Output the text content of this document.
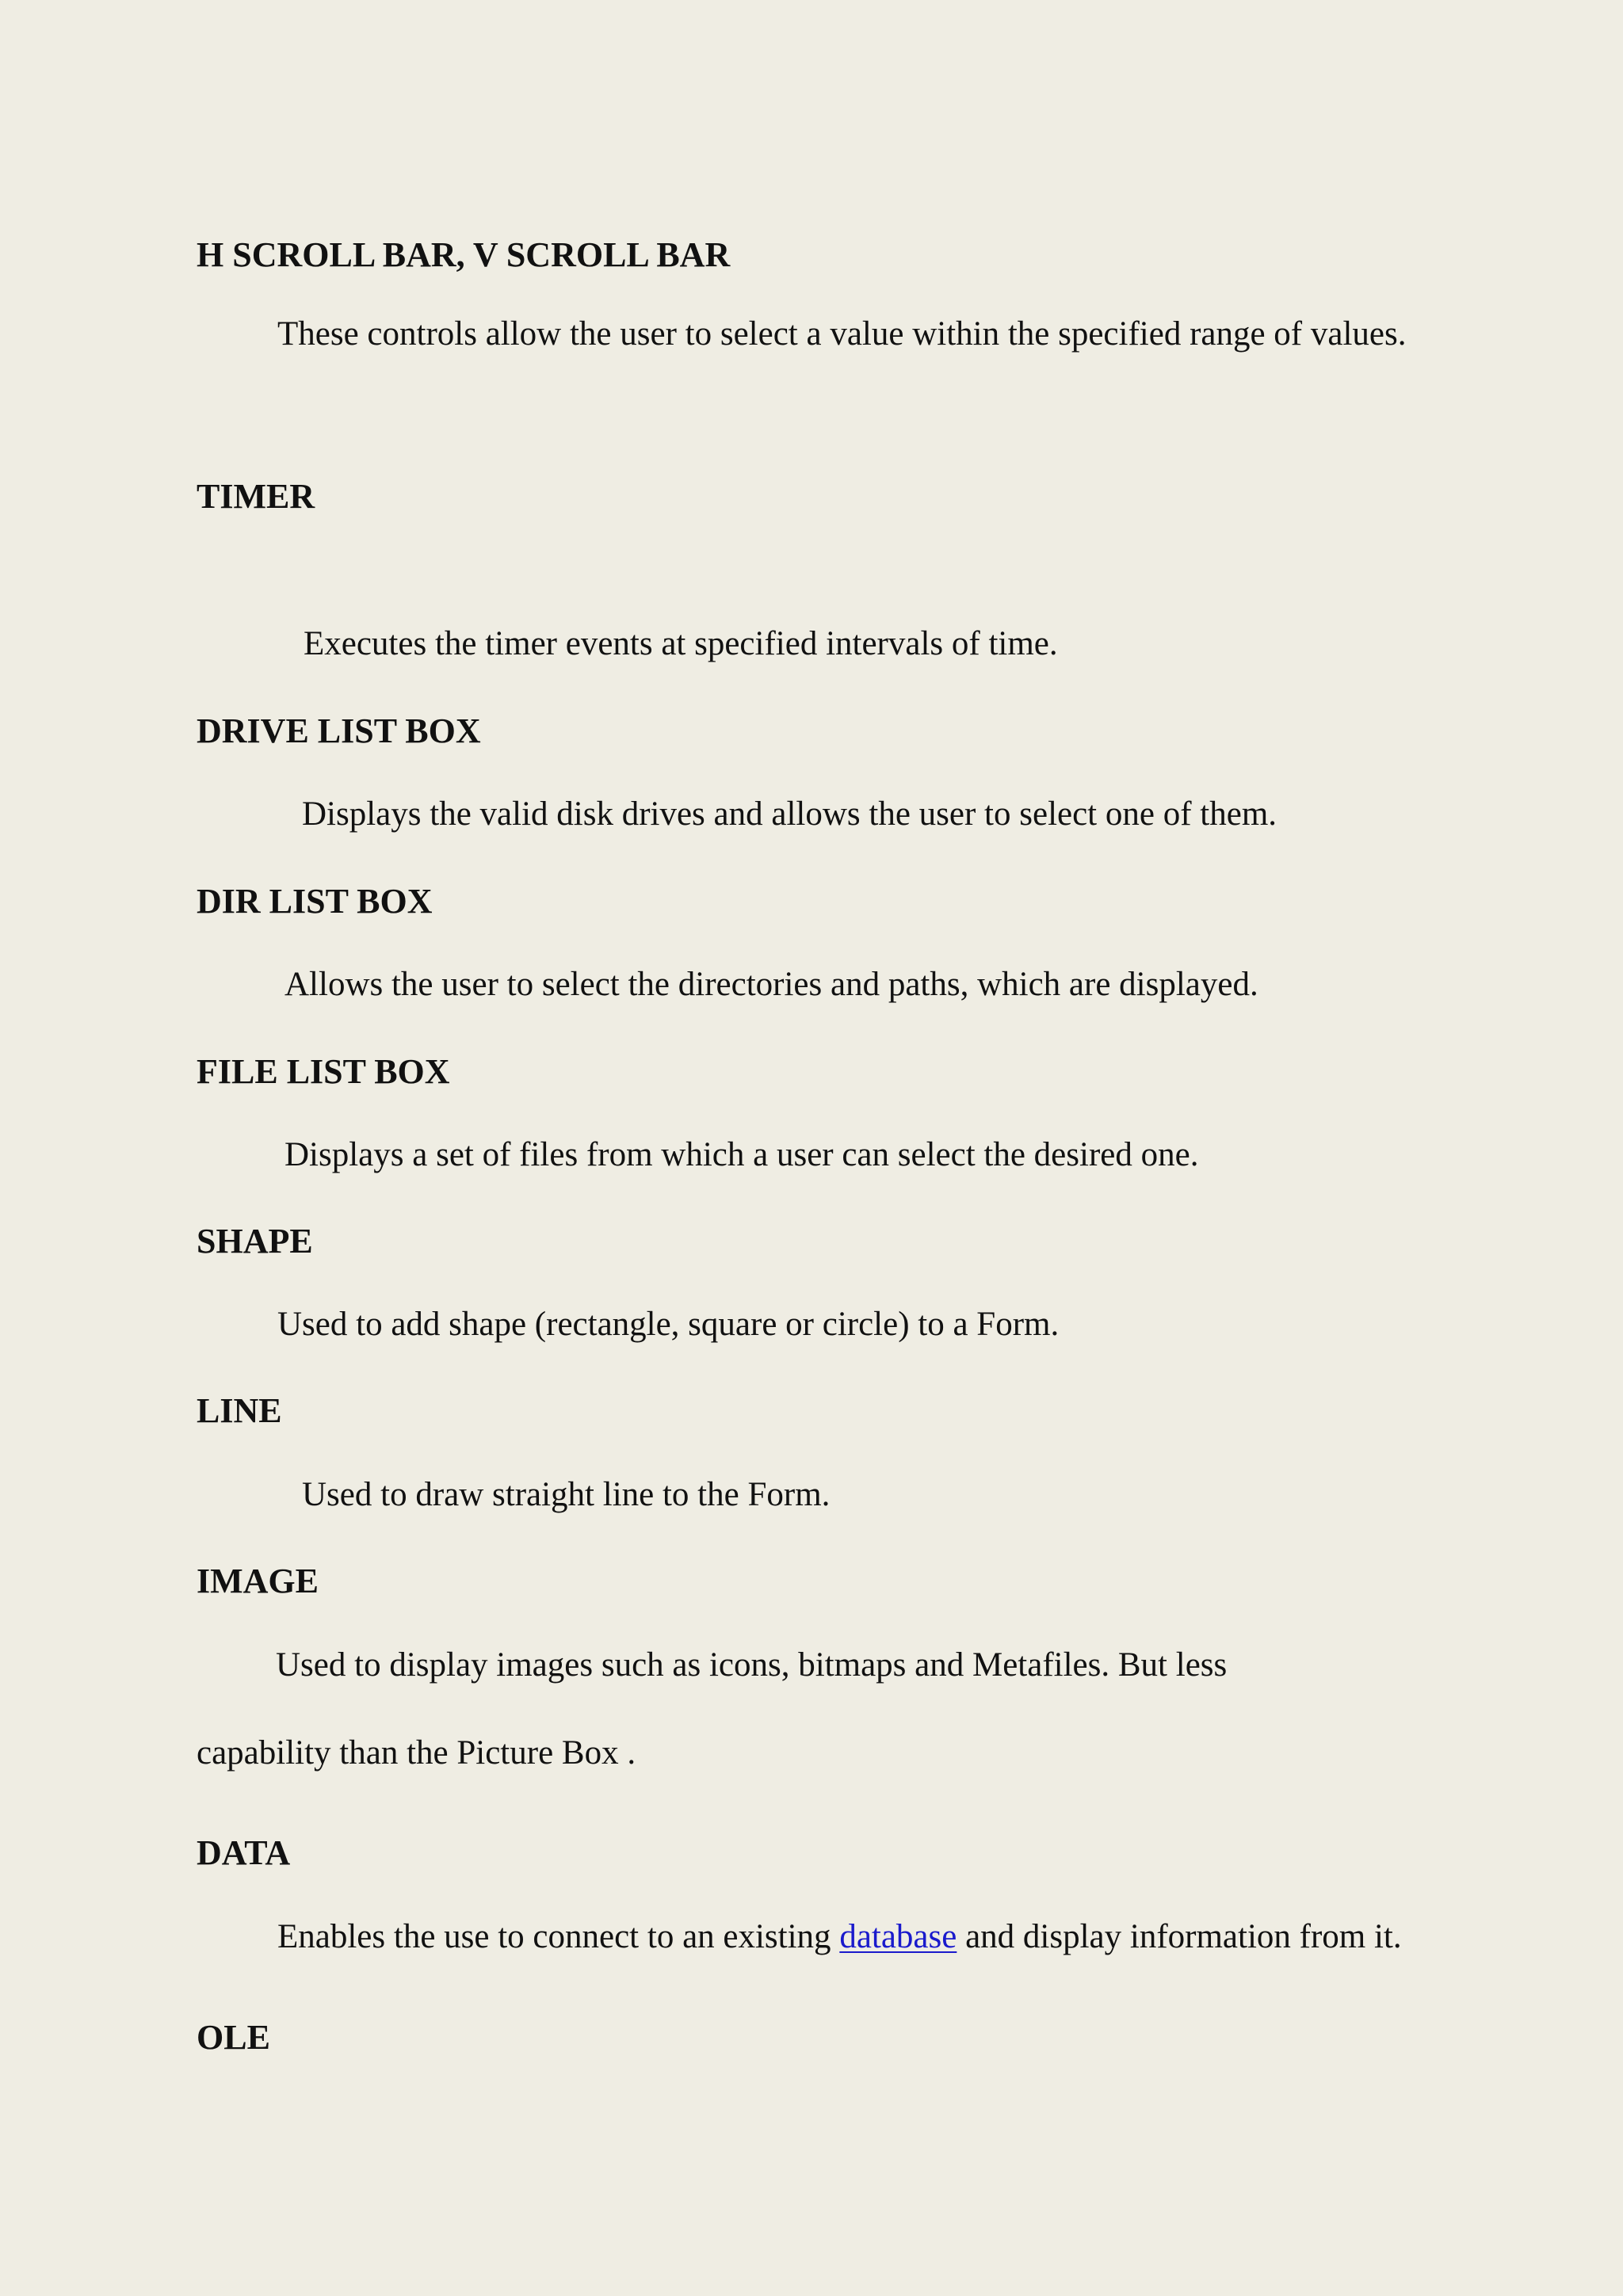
H SCROLL BAR, V SCROLL BAR

These controls allow the user to select a value within the specified range of values.

TIMER

Executes the timer events at specified intervals of time.

DRIVE LIST BOX

Displays the valid disk drives and allows the user to select one of them.

DIR LIST BOX

Allows the user to select the directories and paths, which are displayed.

FILE LIST BOX

Displays a set of files from which a user can select the desired one.

SHAPE

Used to add shape (rectangle, square or circle) to a Form.

LINE

Used to draw straight line to the Form.

IMAGE

Used to display images such as icons, bitmaps and Metafiles. But less

capability than the Picture Box .

DATA

Enables the use to connect to an existing database and display information from it.

OLE
